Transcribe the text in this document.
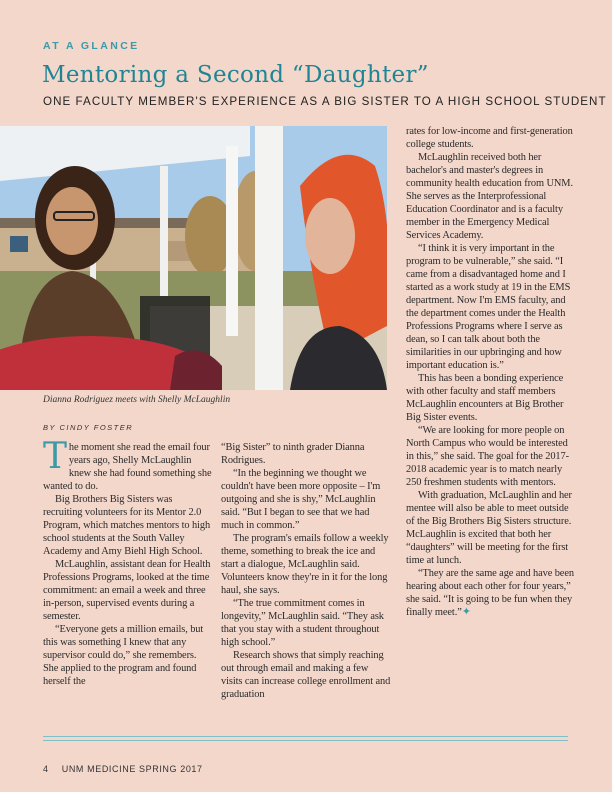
AT A GLANCE
Mentoring a Second “Daughter”
ONE FACULTY MEMBER'S EXPERIENCE AS A BIG SISTER TO A HIGH SCHOOL STUDENT
Dianna Rodriguez meets with Shelly McLaughlin
BY CINDY FOSTER

The moment she read the email four years ago, Shelly McLaughlin knew she had found something she wanted to do.

Big Brothers Big Sisters was recruiting volunteers for its Mentor 2.0 Program, which matches mentors to high school students at the South Valley Academy and Amy Biehl High School.

McLaughlin, assistant dean for Health Professions Programs, looked at the time commitment: an email a week and three in-person, supervised events during a semester.

“Everyone gets a million emails, but this was something I knew that any supervisor could do,” she remembers. She applied to the program and found herself the

“Big Sister” to ninth grader Dianna Rodrigues.

“In the beginning we thought we couldn't have been more opposite – I'm outgoing and she is shy,” McLaughlin said. “But I began to see that we had much in common.”

The program's emails follow a weekly theme, something to break the ice and start a dialogue, McLaughlin said. Volunteers know they're in it for the long haul, she says.

“The true commitment comes in longevity,” McLaughlin said. “They ask that you stay with a student throughout high school.”

Research shows that simply reaching out through email and making a few visits can increase college enrollment and graduation

rates for low-income and first-generation college students.

McLaughlin received both her bachelor's and master's degrees in community health education from UNM. She serves as the Interprofessional Education Coordinator and is a faculty member in the Emergency Medical Services Academy.

“I think it is very important in the program to be vulnerable,” she said. “I came from a disadvantaged home and I started as a work study at 19 in the EMS department. Now I'm EMS faculty, and the department comes under the Health Professions Programs where I serve as dean, so I can talk about both the similarities in our upbringing and how important education is.”

This has been a bonding experience with other faculty and staff members McLaughlin encounters at Big Brother Big Sister events.

“We are looking for more people on North Campus who would be interested in this,” she said. The goal for the 2017-2018 academic year is to match nearly 250 freshmen students with mentors.

With graduation, McLaughlin and her mentee will also be able to meet outside of the Big Brothers Big Sisters structure. McLaughlin is excited that both her “daughters” will be meeting for the first time at lunch.

“They are the same age and have been hearing about each other for four years,” she said. “It is going to be fun when they finally meet.”✦

4 UNM MEDICINE SPRING 2017
